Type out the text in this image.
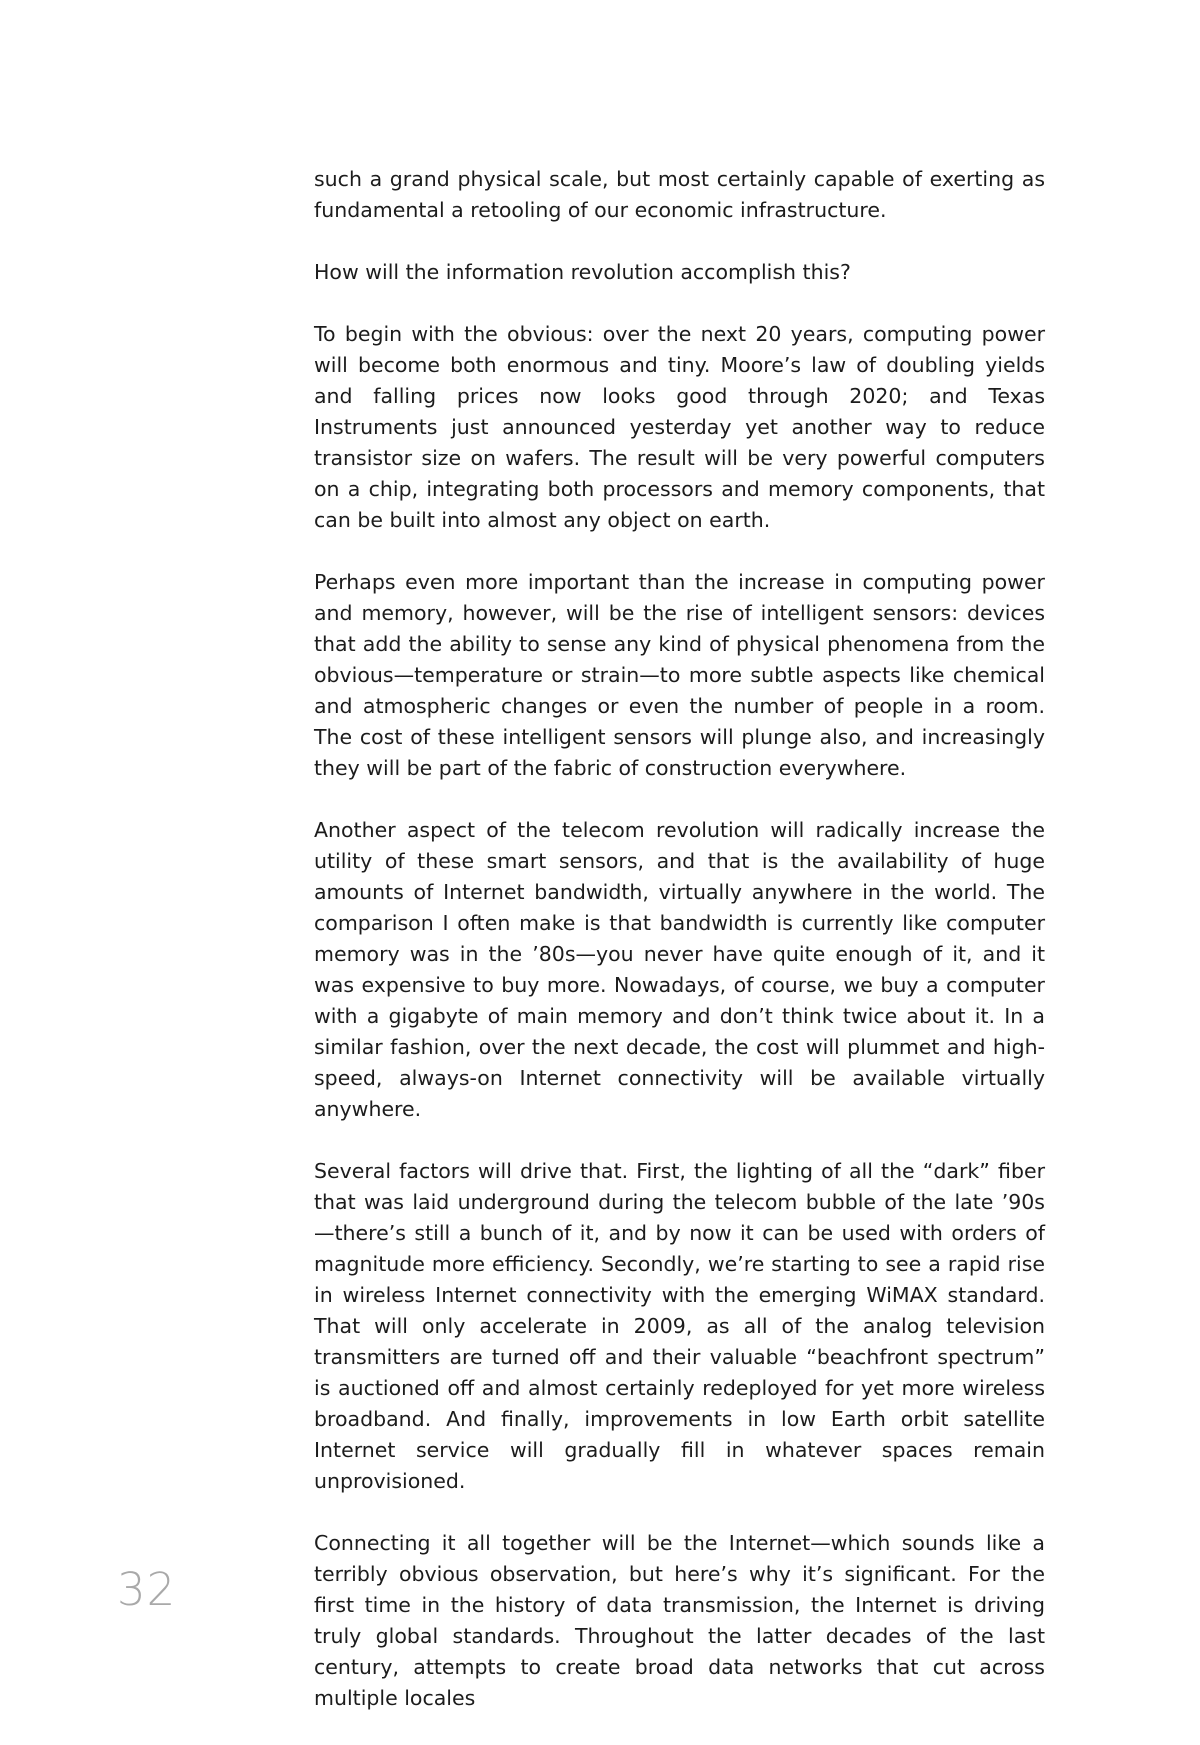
such a grand physical scale, but most certainly capable of exerting as fundamental a retooling of our economic infrastructure.

How will the information revolution accomplish this?

To begin with the obvious: over the next 20 years, computing power will become both enormous and tiny. Moore’s law of doubling yields and falling prices now looks good through 2020; and Texas Instruments just announced yesterday yet another way to reduce transistor size on wafers. The result will be very powerful computers on a chip, integrating both processors and memory components, that can be built into almost any object on earth.

Perhaps even more important than the increase in computing power and memory, however, will be the rise of intelligent sensors: devices that add the ability to sense any kind of physical phenomena from the obvious—temperature or strain—to more subtle aspects like chemical and atmospheric changes or even the number of people in a room. The cost of these intelligent sensors will plunge also, and increasingly they will be part of the fabric of construction everywhere.

Another aspect of the telecom revolution will radically increase the utility of these smart sensors, and that is the availability of huge amounts of Internet bandwidth, virtually anywhere in the world. The comparison I often make is that bandwidth is currently like computer memory was in the ’80s—you never have quite enough of it, and it was expensive to buy more. Nowadays, of course, we buy a computer with a gigabyte of main memory and don’t think twice about it. In a similar fashion, over the next decade, the cost will plummet and high-speed, always-on Internet connectivity will be available virtually anywhere.

Several factors will drive that. First, the lighting of all the “dark” fiber that was laid underground during the telecom bubble of the late ’90s—there’s still a bunch of it, and by now it can be used with orders of magnitude more efficiency. Secondly, we’re starting to see a rapid rise in wireless Internet connectivity with the emerging WiMAX standard. That will only accelerate in 2009, as all of the analog television transmitters are turned off and their valuable “beachfront spectrum” is auctioned off and almost certainly redeployed for yet more wireless broadband. And finally, improvements in low Earth orbit satellite Internet service will gradually fill in whatever spaces remain unprovisioned.

Connecting it all together will be the Internet—which sounds like a terribly obvious observation, but here’s why it’s significant. For the first time in the history of data transmission, the Internet is driving truly global standards. Throughout the latter decades of the last century, attempts to create broad data networks that cut across multiple locales

32
